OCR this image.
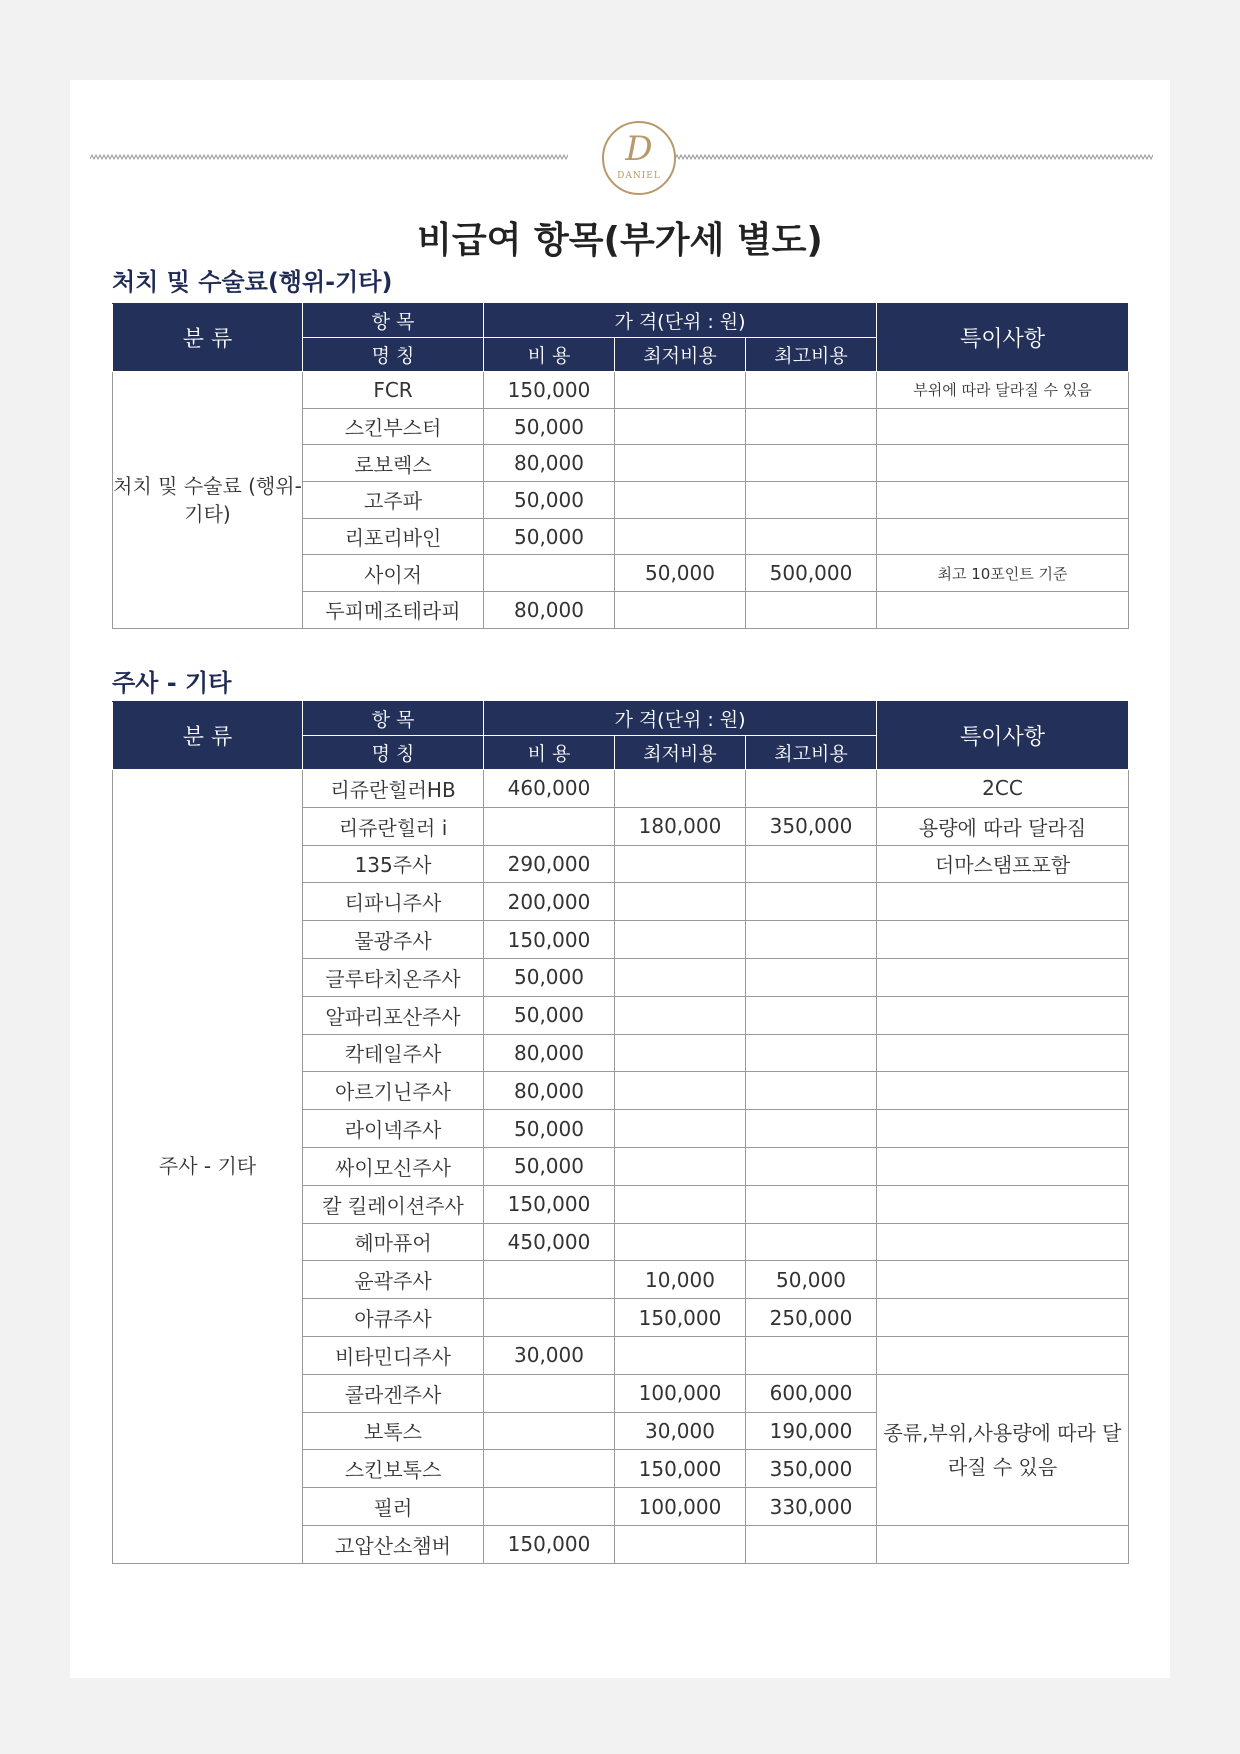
D
DANIEL
비급여 항목(부가세 별도)
처치 및 수술료(행위-기타)
분 류	항 목	가 격(단위 : 원)			특이사항
	명 칭	비 용	최저비용	최고비용	
처치 및 수술료 (행위-기타)	FCR	150,000			부위에 따라 달라질 수 있음
	스킨부스터	50,000			
	로보렉스	80,000			
	고주파	50,000			
	리포리바인	50,000			
	사이저		50,000	500,000	최고 10포인트 기준
	두피메조테라피	80,000			
주사 - 기타
분 류	항 목	가 격(단위 : 원)			특이사항
	명 칭	비 용	최저비용	최고비용	
주사 - 기타	리쥬란힐러HB	460,000			2CC
	리쥬란힐러 i		180,000	350,000	용량에 따라 달라짐
	135주사	290,000			더마스탬프포함
	티파니주사	200,000			
	물광주사	150,000			
	글루타치온주사	50,000			
	알파리포산주사	50,000			
	칵테일주사	80,000			
	아르기닌주사	80,000			
	라이넥주사	50,000			
	싸이모신주사	50,000			
	칼 킬레이션주사	150,000			
	헤마퓨어	450,000			
	윤곽주사		10,000	50,000	
	아큐주사		150,000	250,000	
	비타민디주사	30,000			
	콜라겐주사		100,000	600,000	종류,부위,사용량에 따라 달라질 수 있음
	보톡스		30,000	190,000	
	스킨보톡스		150,000	350,000	
	필러		100,000	330,000	
	고압산소챔버	150,000			
